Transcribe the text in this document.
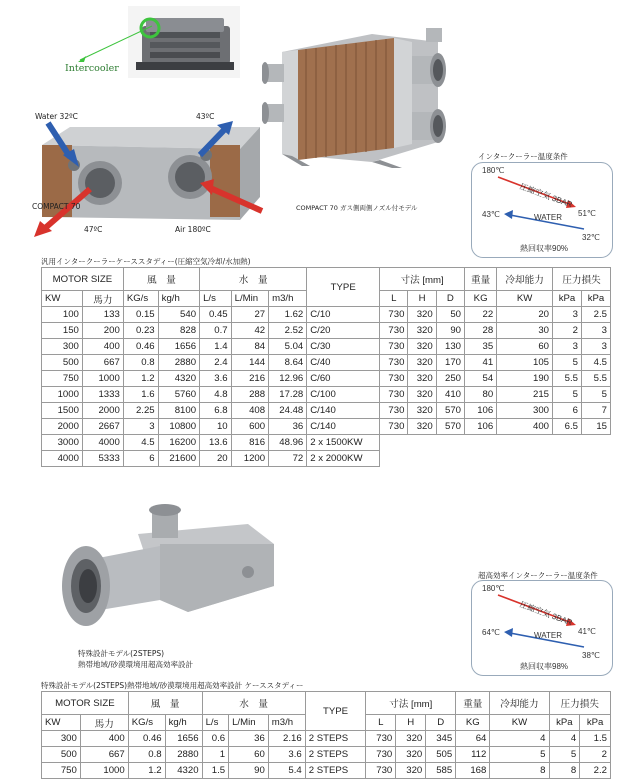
Intercooler
Water 32ºC	43ºC
COMPACT 70
47ºC	Air 180ºC
COMPACT 70 ガス側両側ノズル付モデル
インタークーラー温度条件
180℃
圧縮空気 3BAR
51℃
43℃	WATER
32℃
熱回収率90%
汎用インタークーラーケーススタディー(圧縮空気冷却/水加熱)
MOTOR SIZE		風　量		水　量			TYPE	寸法 [mm]			重量	冷却能力	圧力損失	
KW	馬力	KG/s	kg/h	L/s	L/Min	m3/h		L	H	D	KG	KW	kPa	kPa
100	133	0.15	540	0.45	27	1.62	C/10	730	320	50	22	20	3	2.5
150	200	0.23	828	0.7	42	2.52	C/20	730	320	90	28	30	2	3
300	400	0.46	1656	1.4	84	5.04	C/30	730	320	130	35	60	3	3
500	667	0.8	2880	2.4	144	8.64	C/40	730	320	170	41	105	5	4.5
750	1000	1.2	4320	3.6	216	12.96	C/60	730	320	250	54	190	5.5	5.5
1000	1333	1.6	5760	4.8	288	17.28	C/100	730	320	410	80	215	5	5
1500	2000	2.25	8100	6.8	408	24.48	C/140	730	320	570	106	300	6	7
2000	2667	3	10800	10	600	36	C/140	730	320	570	106	400	6.5	15
3000	4000	4.5	16200	13.6	816	48.96	2 x 1500KW							
4000	5333	6	21600	20	1200	72	2 x 2000KW							
特殊設計モデル(2STEPS)
熱帯地域/砂漠環境用超高効率設計
超高効率インタークーラー温度条件
180℃
圧縮空気 3BAR
41℃
64℃	WATER
38℃
熱回収率98%
特殊設計モデル(2STEPS)熱帯地域/砂漠環境用超高効率設計 ケーススタディー
MOTOR SIZE		風　量		水　量			TYPE	寸法 [mm]			重量	冷却能力	圧力損失	
KW	馬力	KG/s	kg/h	L/s	L/Min	m3/h		L	H	D	KG	KW	kPa	kPa
300	400	0.46	1656	0.6	36	2.16	2 STEPS	730	320	345	64	4	4	1.5
500	667	0.8	2880	1	60	3.6	2 STEPS	730	320	505	112	5	5	2
750	1000	1.2	4320	1.5	90	5.4	2 STEPS	730	320	585	168	8	8	2.2
